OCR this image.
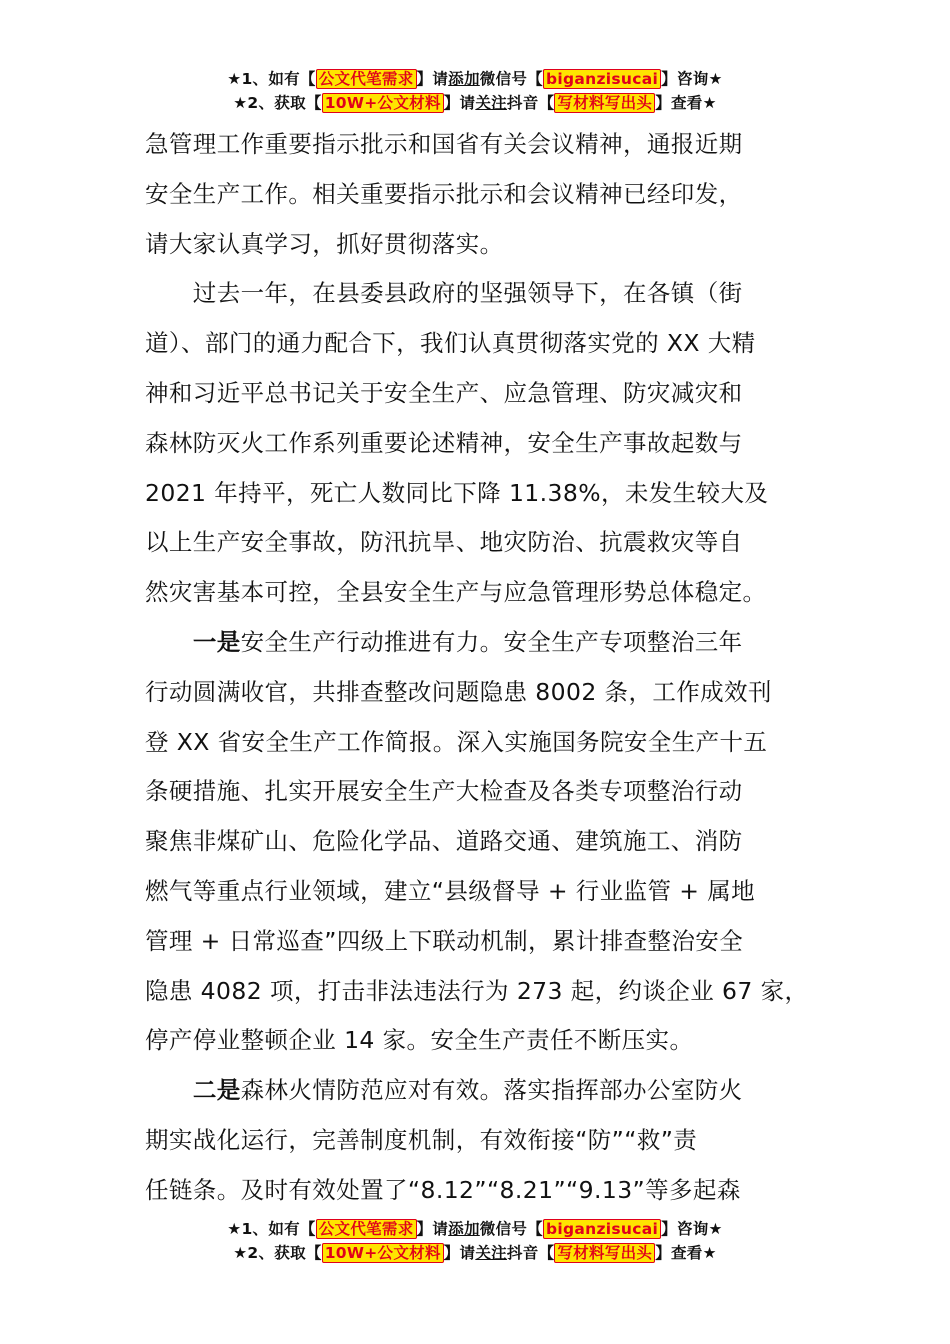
★1、如有【 公文代笔需求 】请添加微信号【 biganzisucai 】咨询★
★2、获取【 10W+公文材料 】请关注抖音【 写材料写出头 】查看★
急管理工作重要指示批示和国省有关会议精神，通报近期
安全生产工作。相关重要指示批示和会议精神已经印发，
请大家认真学习，抓好贯彻落实。
　　过去一年，在县委县政府的坚强领导下，在各镇（街
道）、部门的通力配合下，我们认真贯彻落实党的 XX 大精
神和习近平总书记关于安全生产、应急管理、防灾减灾和
森林防灭火工作系列重要论述精神，安全生产事故起数与
2021 年持平，死亡人数同比下降 11.38%，未发生较大及
以上生产安全事故，防汛抗旱、地灾防治、抗震救灾等自
然灾害基本可控，全县安全生产与应急管理形势总体稳定。
　　一是安全生产行动推进有力。安全生产专项整治三年
行动圆满收官，共排查整改问题隐患 8002 条，工作成效刊
登 XX 省安全生产工作简报。深入实施国务院安全生产十五
条硬措施、扎实开展安全生产大检查及各类专项整治行动
聚焦非煤矿山、危险化学品、道路交通、建筑施工、消防
燃气等重点行业领域，建立“县级督导 + 行业监管 + 属地
管理 + 日常巡查”四级上下联动机制，累计排查整治安全
隐患 4082 项，打击非法违法行为 273 起，约谈企业 67 家，
停产停业整顿企业 14 家。安全生产责任不断压实。
　　二是森林火情防范应对有效。落实指挥部办公室防火
期实战化运行，完善制度机制，有效衔接“防”“救”责
任链条。及时有效处置了“8.12”“8.21”“9.13”等多起森
★1、如有【 公文代笔需求 】请添加微信号【 biganzisucai 】咨询★
★2、获取【 10W+公文材料 】请关注抖音【 写材料写出头 】查看★
